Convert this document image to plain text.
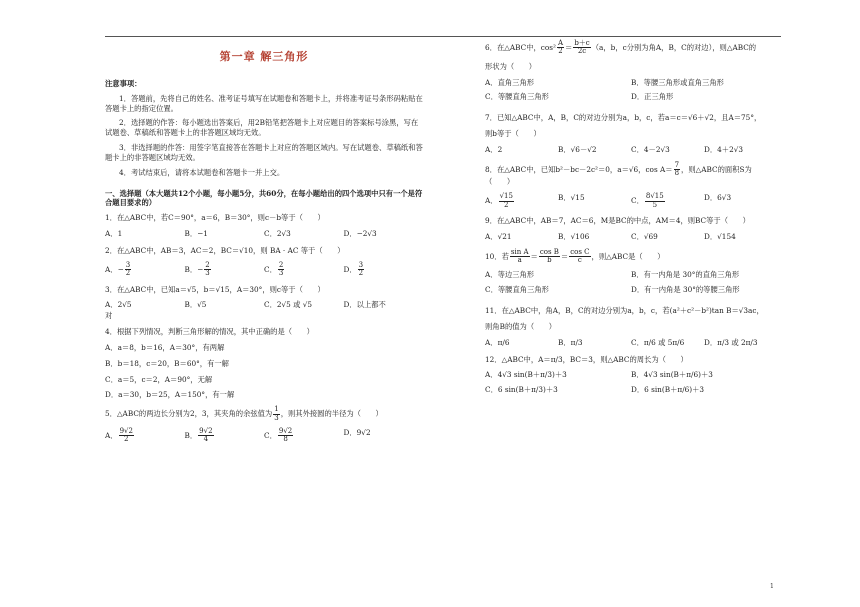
第一章 解三角形
注意事项：
1．答题前，先将自己的姓名、准考证号填写在试题卷和答题卡上，并将准考证号条形码粘贴在答题卡上的指定位置。
2．选择题的作答：每小题选出答案后，用2B铅笔把答题卡上对应题目的答案标号涂黑，写在试题卷、草稿纸和答题卡上的非答题区域均无效。
3．非选择题的作答：用签字笔直接答在答题卡上对应的答题区域内。写在试题卷、草稿纸和答题卡上的非答题区域均无效。
4．考试结束后，请将本试题卷和答题卡一并上交。
一、选择题（本大题共12个小题，每小题5分，共60分，在每小题给出的四个选项中只有一个是符合题目要求的）
1．在△ABC中，若C＝90°，a＝6，B＝30°，则c－b等于（　　）
A．1	B．−1	C．2√3	D．−2√3
2．在△ABC中，AB＝3，AC＝2，BC＝√10，则 BA · AC 等于（　　）
A．− $\frac{3}{2}$	B．− $\frac{2}{3}$	C． $\frac{2}{3}$	D． $\frac{3}{2}$
3．在△ABC中，已知a＝√5，b＝√15，A＝30°，则c等于（　　）
A．2√5	B．√5	C．2√5 或 √5	D．以上都不
对
4．根据下列情况，判断三角形解的情况，其中正确的是（　　）
A．a＝8，b＝16，A＝30°，有两解
B．b＝18，c＝20，B＝60°，有一解
C．a＝5，c＝2，A＝90°，无解
D．a＝30，b＝25，A＝150°，有一解
5．△ABC的两边长分别为2，3，其夹角的余弦值为 $\frac{1}{3}$ ，则其外接圆的半径为（　　）
A． $\frac{9√2}{2}$	B． $\frac{9√2}{4}$	C． $\frac{9√2}{8}$	D．9√2
6．在△ABC中，$\cos^2 \frac{A}{2} = \frac{b+c}{2c} (a$，b，c分别为角A，B，C的对边），则△ABC的
形状为（　　）
A．直角三角形	B．等腰三角形或直角三角形
C．等腰直角三角形	D．正三角形
7．已知△ABC中，A，B，C的对边分别为a，b，c，若a＝c＝√6＋√2，且A＝75°，
则b等于（　　）
A．2	B．√6－√2	C．4－2√3	D．4＋2√3
8．在△ABC中，已知b²－bc－2c²＝0，a＝√6，$\cos A= \frac{7}{8}$ ，则△ABC的面积S为（　　）
A． $\frac{√15}{2}$	B．√15	C． $\frac{8√15}{5}$	D．6√3
9．在△ABC中，AB＝7，AC＝6，M是BC的中点，AM＝4，则BC等于（　　）
A．√21	B．√106	C．√69	D．√154
10．若 $\frac{\text{sin A}}{a} = \frac{\text{cos B}}{b} = \frac{\text{cos C}}{c}$ ，则△ABC是（　　）
A．等边三角形	B．有一内角是 30°的直角三角形
C．等腰直角三角形	D．有一内角是 30°的等腰三角形
11．在△ABC中，角A，B，C的对边分别为a，b，c，若(a²＋c²－b²)tan B＝√3ac，
则角B的值为（　　）
A．π/6	B．π/3	C．π/6 或 5π/6	D．π/3 或 2π/3
12．△ABC中，A＝π/3，BC＝3，则△ABC的周长为（　　）
A．4√3 sin(B＋π/3)＋3	B．4√3 sin(B＋π/6)＋3
C．6 sin(B＋π/3)＋3	D．6 sin(B＋π/6)＋3
1
